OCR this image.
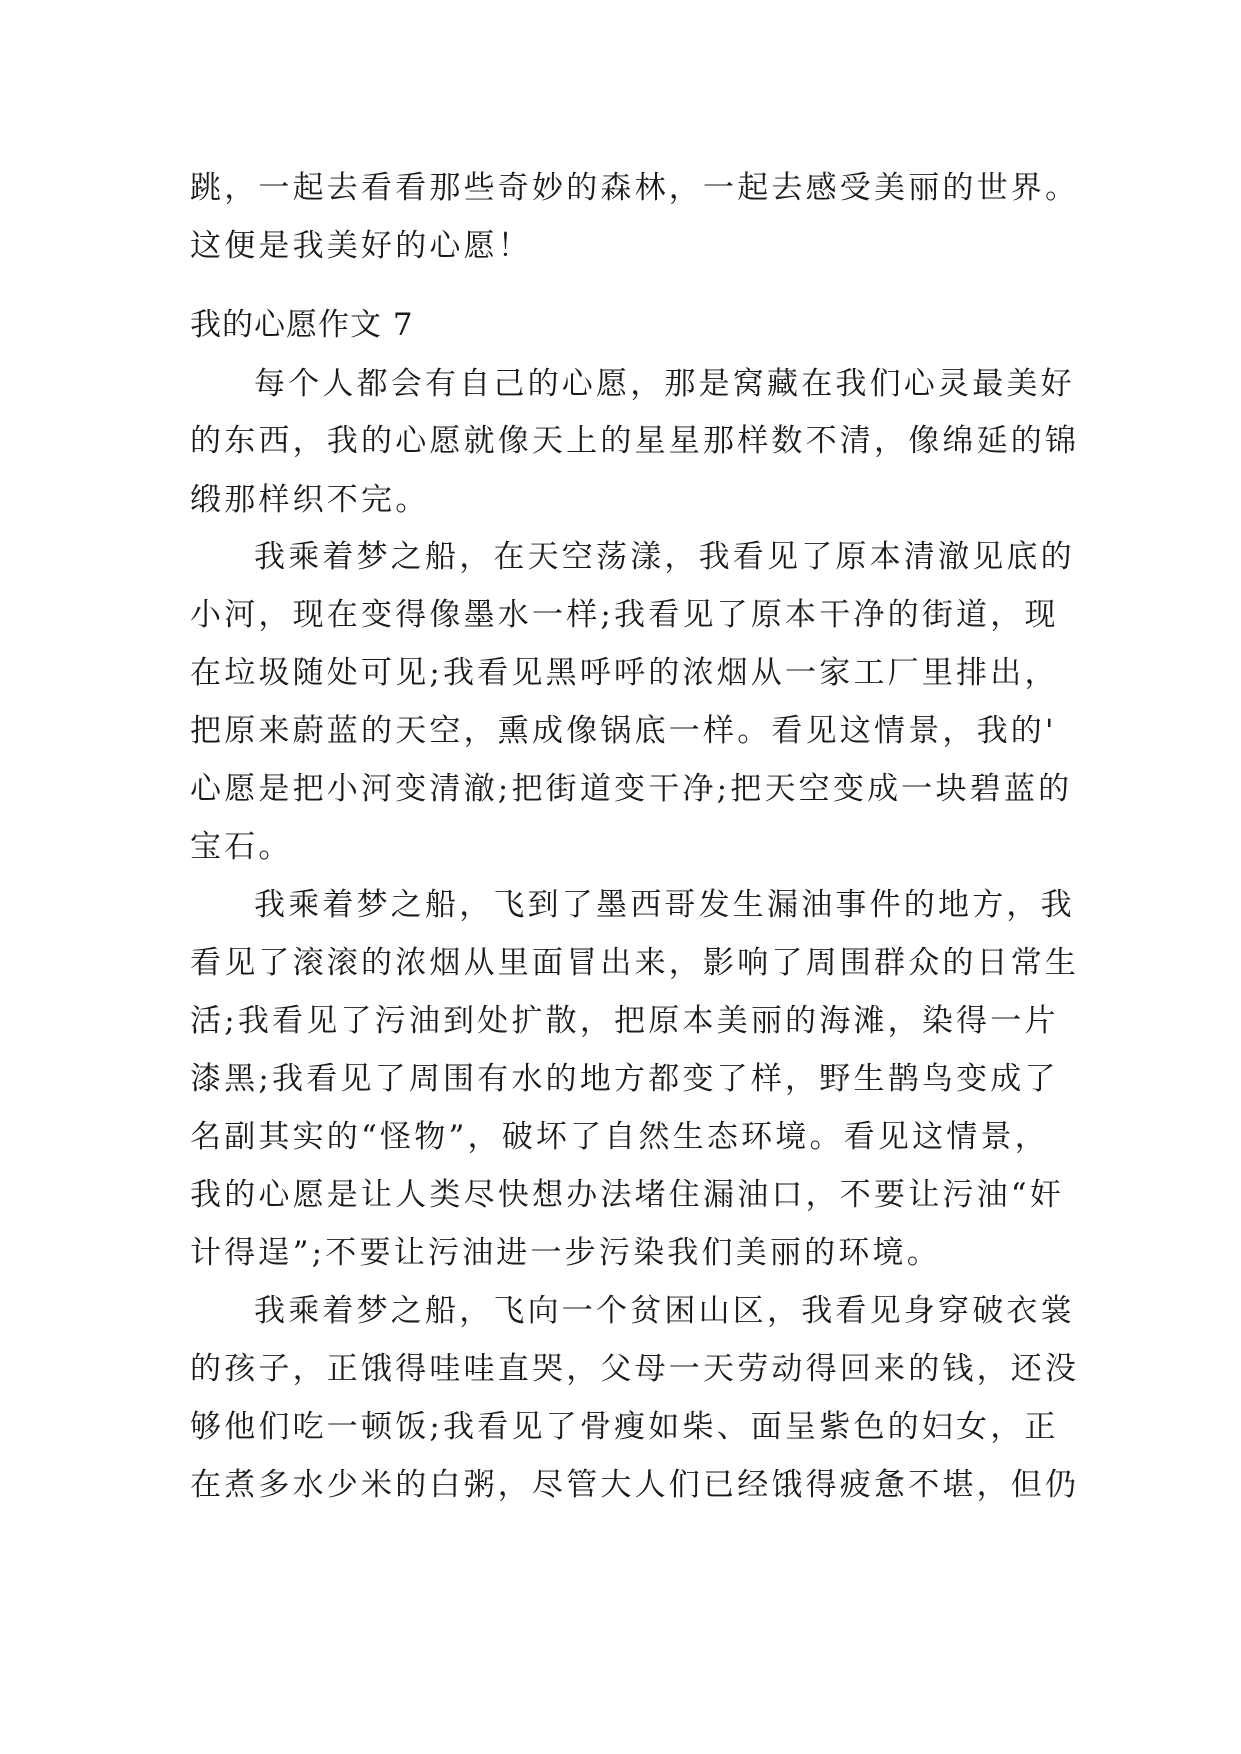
跳，一起去看看那些奇妙的森林，一起去感受美丽的世界。
这便是我美好的心愿！
我的心愿作文 7
每个人都会有自己的心愿，那是窝藏在我们心灵最美好
的东西，我的心愿就像天上的星星那样数不清，像绵延的锦
缎那样织不完。
我乘着梦之船，在天空荡漾，我看见了原本清澈见底的
小河，现在变得像墨水一样;我看见了原本干净的街道，现
在垃圾随处可见;我看见黑呼呼的浓烟从一家工厂里排出，
把原来蔚蓝的天空，熏成像锅底一样。看见这情景，我的'
心愿是把小河变清澈;把街道变干净;把天空变成一块碧蓝的
宝石。
我乘着梦之船，飞到了墨西哥发生漏油事件的地方，我
看见了滚滚的浓烟从里面冒出来，影响了周围群众的日常生
活;我看见了污油到处扩散，把原本美丽的海滩，染得一片
漆黑;我看见了周围有水的地方都变了样，野生鹊鸟变成了
名副其实的“怪物”，破坏了自然生态环境。看见这情景，
我的心愿是让人类尽快想办法堵住漏油口，不要让污油“奸
计得逞”;不要让污油进一步污染我们美丽的环境。
我乘着梦之船，飞向一个贫困山区，我看见身穿破衣裳
的孩子，正饿得哇哇直哭，父母一天劳动得回来的钱，还没
够他们吃一顿饭;我看见了骨瘦如柴、面呈紫色的妇女，正
在煮多水少米的白粥，尽管大人们已经饿得疲惫不堪，但仍
